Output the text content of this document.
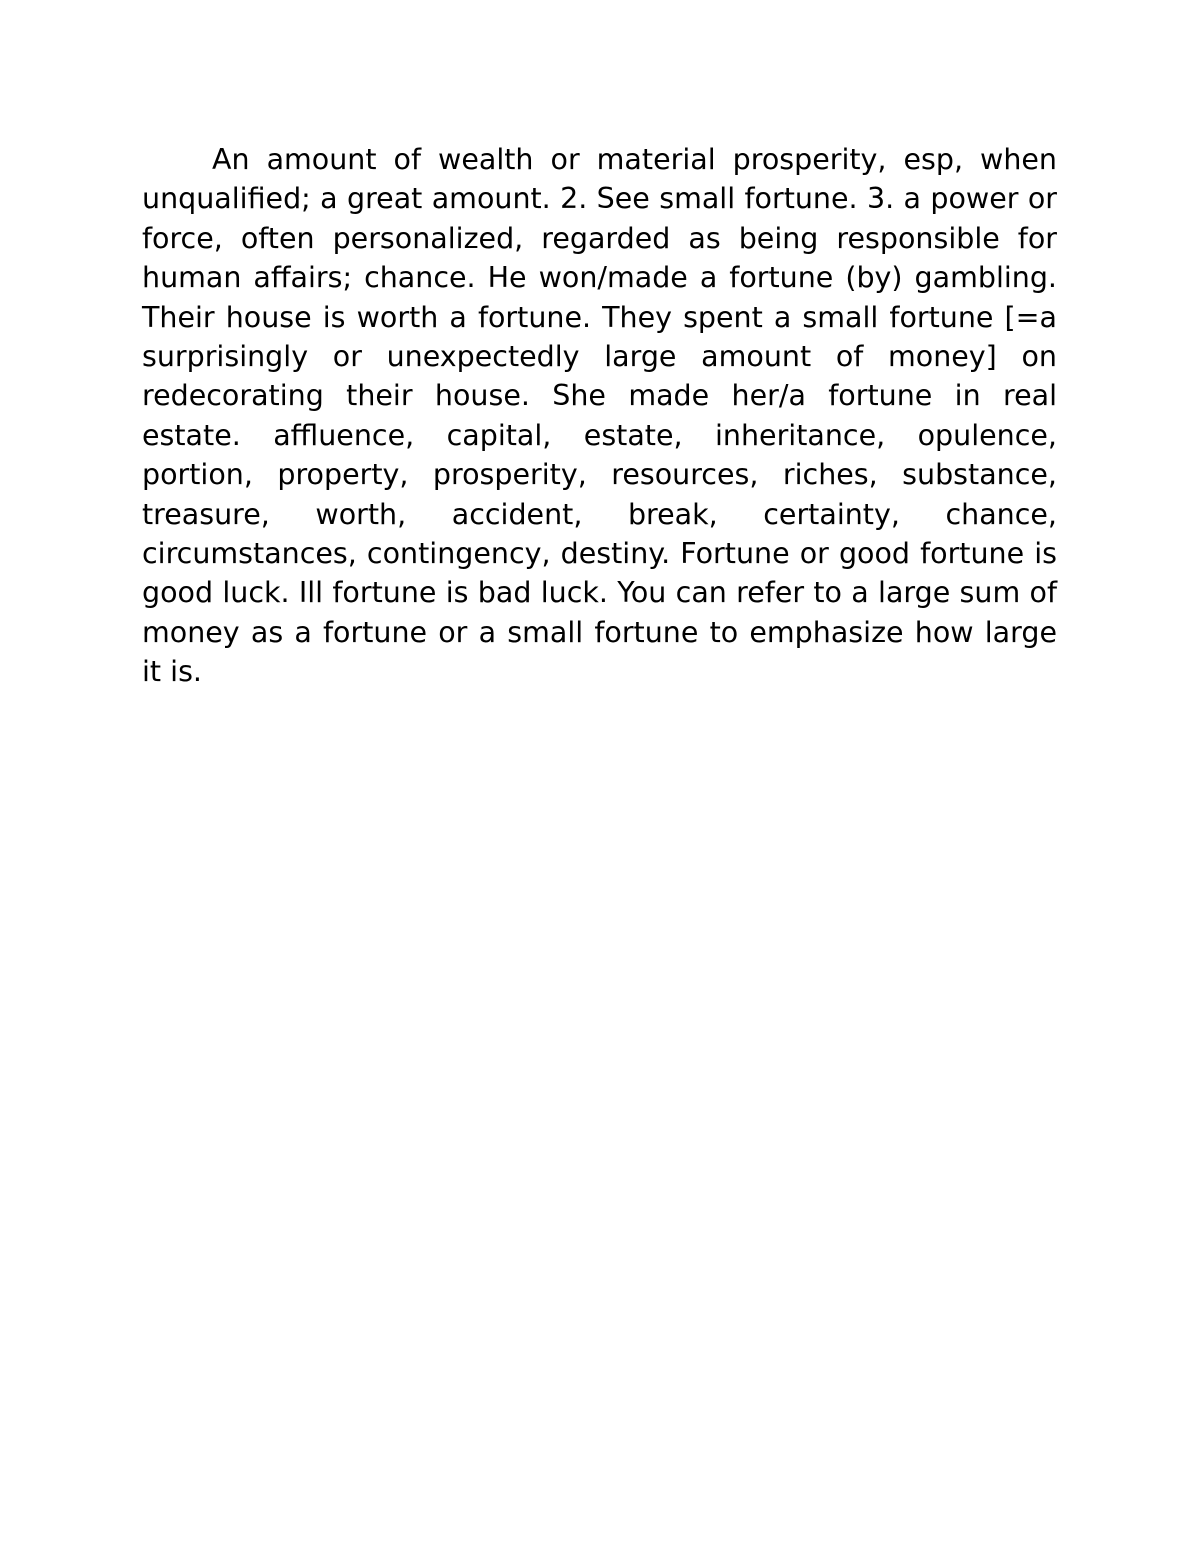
An amount of wealth or material prosperity, esp, when unqualified; a great amount. 2. See small fortune. 3. a power or force, often personalized, regarded as being responsible for human affairs; chance. He won/made a fortune (by) gambling. Their house is worth a fortune. They spent a small fortune [=a surprisingly or unexpectedly large amount of money] on redecorating their house. She made her/a fortune in real estate. affluence, capital, estate, inheritance, opulence, portion, property, prosperity, resources, riches, substance, treasure, worth, accident, break, certainty, chance, circumstances, contingency, destiny. Fortune or good fortune is good luck. Ill fortune is bad luck. You can refer to a large sum of money as a fortune or a small fortune to emphasize how large it is.
